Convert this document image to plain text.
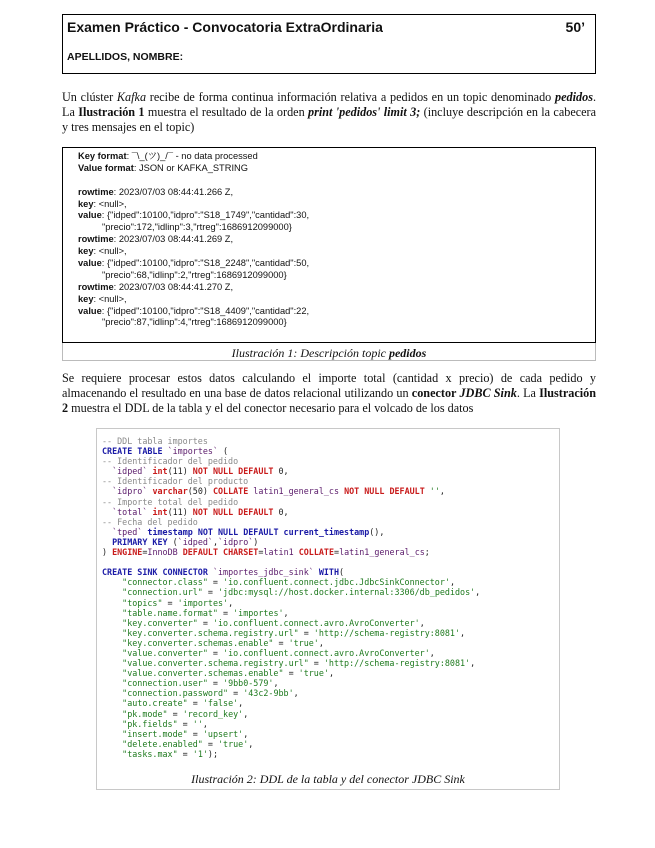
Examen Práctico - Convocatoria ExtraOrdinaria	50’
APELLIDOS, NOMBRE:
Un clúster Kafka recibe de forma continua información relativa a pedidos en un topic denominado pedidos. La Ilustración 1 muestra el resultado de la orden print 'pedidos' limit 3; (incluye descripción en la cabecera y tres mensajes en el topic)
Key format: ¯\_(ツ)_/¯ - no data processed
Value format: JSON or KAFKA_STRING
rowtime: 2023/07/03 08:44:41.266 Z,
key: <null>,
value: {"idped":10100,"idpro":"S18_1749","cantidad":30,
"precio":172,"idlinp":3,"rtreg":1686912099000}
rowtime: 2023/07/03 08:44:41.269 Z,
key: <null>,
value: {"idped":10100,"idpro":"S18_2248","cantidad":50,
"precio":68,"idlinp":2,"rtreg":1686912099000}
rowtime: 2023/07/03 08:44:41.270 Z,
key: <null>,
value: {"idped":10100,"idpro":"S18_4409","cantidad":22,
"precio":87,"idlinp":4,"rtreg":1686912099000}
Ilustración 1: Descripción topic pedidos
Se requiere procesar estos datos calculando el importe total (cantidad x precio) de cada pedido y almacenando el resultado en una base de datos relacional utilizando un conector JDBC Sink. La Ilustración 2 muestra el DDL de la tabla y el del conector necesario para el volcado de los datos
-- DDL tabla importes
CREATE TABLE `importes` (
-- Identificador del pedido
`idped` int(11) NOT NULL DEFAULT 0,
-- Identificador del producto
`idpro` varchar(50) COLLATE latin1_general_cs NOT NULL DEFAULT '',
-- Importe total del pedido
`total` int(11) NOT NULL DEFAULT 0,
-- Fecha del pedido
`tped` timestamp NOT NULL DEFAULT current_timestamp(),
PRIMARY KEY (`idped`,`idpro`)
) ENGINE=InnoDB DEFAULT CHARSET=latin1 COLLATE=latin1_general_cs;

CREATE SINK CONNECTOR `importes_jdbc_sink` WITH(
"connector.class" = 'io.confluent.connect.jdbc.JdbcSinkConnector',
"connection.url" = 'jdbc:mysql://host.docker.internal:3306/db_pedidos',
"topics" = 'importes',
"table.name.format" = 'importes',
"key.converter" = 'io.confluent.connect.avro.AvroConverter',
"key.converter.schema.registry.url" = 'http://schema-registry:8081',
"key.converter.schemas.enable" = 'true',
"value.converter" = 'io.confluent.connect.avro.AvroConverter',
"value.converter.schema.registry.url" = 'http://schema-registry:8081',
"value.converter.schemas.enable" = 'true',
"connection.user" = '9bb0-579',
"connection.password" = '43c2-9bb',
"auto.create" = 'false',
"pk.mode" = 'record_key',
"pk.fields" = '',
"insert.mode" = 'upsert',
"delete.enabled" = 'true',
"tasks.max" = '1');
Ilustración 2: DDL de la tabla y del conector JDBC Sink
